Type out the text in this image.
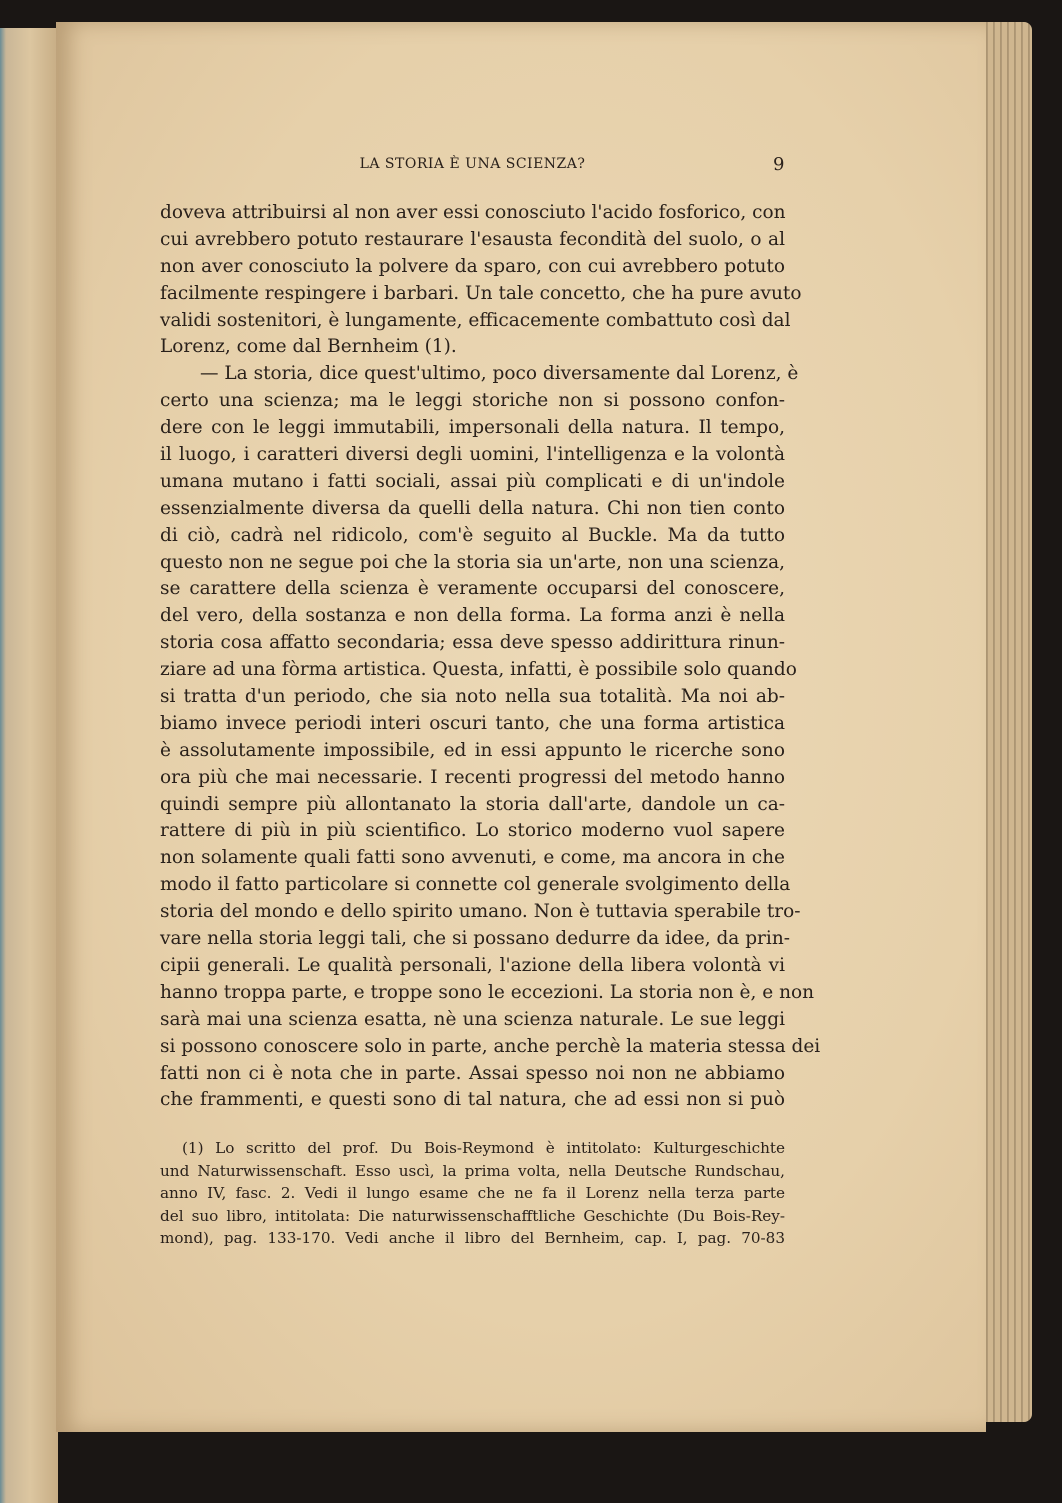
LA STORIA È UNA SCIENZA?	9
doveva attribuirsi al non aver essi conosciuto l'acido fosforico, con
cui avrebbero potuto restaurare l'esausta fecondità del suolo, o al
non aver conosciuto la polvere da sparo, con cui avrebbero potuto
facilmente respingere i barbari. Un tale concetto, che ha pure avuto
validi sostenitori, è lungamente, efficacemente combattuto così dal
Lorenz, come dal Bernheim (1).
— La storia, dice quest'ultimo, poco diversamente dal Lorenz, è
certo una scienza; ma le leggi storiche non si possono confon-
dere con le leggi immutabili, impersonali della natura. Il tempo,
il luogo, i caratteri diversi degli uomini, l'intelligenza e la volontà
umana mutano i fatti sociali, assai più complicati e di un'indole
essenzialmente diversa da quelli della natura. Chi non tien conto
di ciò, cadrà nel ridicolo, com'è seguito al Buckle. Ma da tutto
questo non ne segue poi che la storia sia un'arte, non una scienza,
se carattere della scienza è veramente occuparsi del conoscere,
del vero, della sostanza e non della forma. La forma anzi è nella
storia cosa affatto secondaria; essa deve spesso addirittura rinun-
ziare ad una fòrma artistica. Questa, infatti, è possibile solo quando
si tratta d'un periodo, che sia noto nella sua totalità. Ma noi ab-
biamo invece periodi interi oscuri tanto, che una forma artistica
è assolutamente impossibile, ed in essi appunto le ricerche sono
ora più che mai necessarie. I recenti progressi del metodo hanno
quindi sempre più allontanato la storia dall'arte, dandole un ca-
rattere di più in più scientifico. Lo storico moderno vuol sapere
non solamente quali fatti sono avvenuti, e come, ma ancora in che
modo il fatto particolare si connette col generale svolgimento della
storia del mondo e dello spirito umano. Non è tuttavia sperabile tro-
vare nella storia leggi tali, che si possano dedurre da idee, da prin-
cipii generali. Le qualità personali, l'azione della libera volontà vi
hanno troppa parte, e troppe sono le eccezioni. La storia non è, e non
sarà mai una scienza esatta, nè una scienza naturale. Le sue leggi
si possono conoscere solo in parte, anche perchè la materia stessa dei
fatti non ci è nota che in parte. Assai spesso noi non ne abbiamo
che frammenti, e questi sono di tal natura, che ad essi non si può
(1) Lo scritto del prof. Du Bois-Reymond è intitolato: Kulturgeschichte
und Naturwissenschaft. Esso uscì, la prima volta, nella Deutsche Rundschau,
anno IV, fasc. 2. Vedi il lungo esame che ne fa il Lorenz nella terza parte
del suo libro, intitolata: Die naturwissenschafftliche Geschichte (Du Bois-Rey-
mond), pag. 133-170. Vedi anche il libro del Bernheim, cap. I, pag. 70-83
